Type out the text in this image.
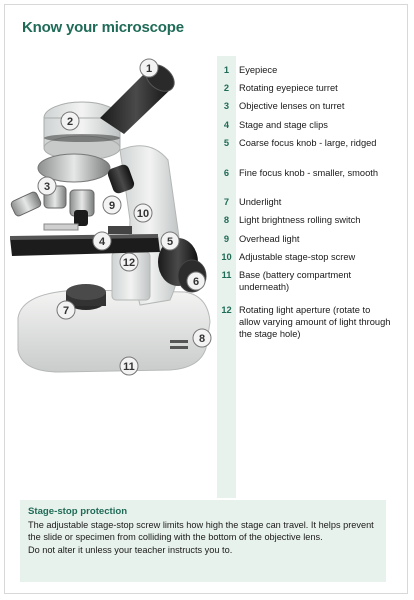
Know your microscope
1
2
3
4	5
6
7
8
9
10
11
12
1	Eyepiece
2	Rotating eyepiece turret
3	Objective lenses on turret
4	Stage and stage clips
5	Coarse focus knob - large, ridged
6	Fine focus knob - smaller, smooth
7	Underlight
8	Light brightness rolling switch
9	Overhead light
10 Adjustable stage-stop screw
11 Base (battery compartment underneath)
12 Rotating light aperture (rotate to allow varying amount of light through the stage hole)
Stage-stop protection
The adjustable stage-stop screw limits how high the stage can travel. It helps prevent the slide or specimen from colliding with the bottom of the objective lens.
Do not alter it unless your teacher instructs you to.
